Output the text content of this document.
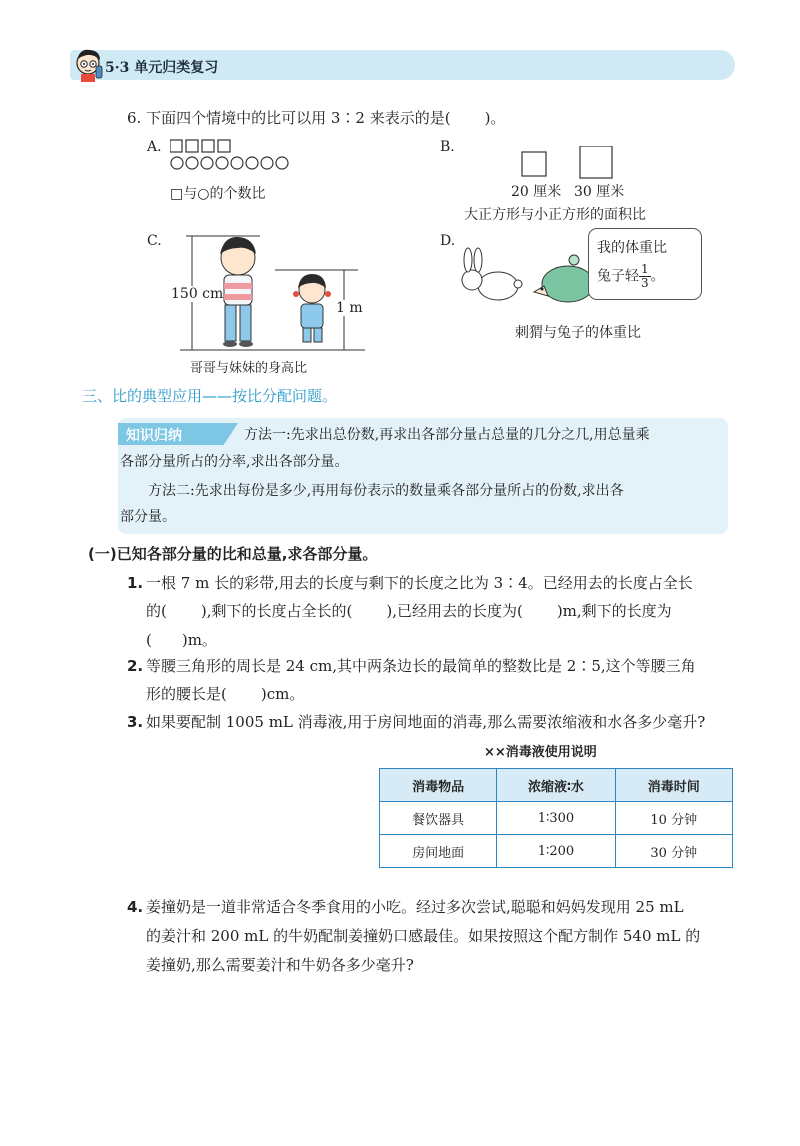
5·3 单元归类复习
6. 下面四个情境中的比可以用 3∶2 来表示的是( )。
A.
□与○的个数比
B.
20 厘米 30 厘米
大正方形与小正方形的面积比
C.
150 cm
1 m
哥哥与妹妹的身高比
D.	我的体重比
兔子轻 $\frac{1}{3}$ 。
刺猬与兔子的体重比
三、比的典型应用——按比分配问题。
知识归纳	方法一:先求出总份数,再求出各部分量占总量的几分之几,用总量乘
各部分量所占的分率,求出各部分量。
方法二:先求出每份是多少,再用每份表示的数量乘各部分量所占的份数,求出各
部分量。
(一)已知各部分量的比和总量,求各部分量。
1. 一根 7 m 长的彩带,用去的长度与剩下的长度之比为 3∶4。已经用去的长度占全长
的( ),剩下的长度占全长的( ),已经用去的长度为( )m,剩下的长度为
( )m。
2. 等腰三角形的周长是 24 cm,其中两条边长的最简单的整数比是 2∶5,这个等腰三角
形的腰长是( )cm。
3. 如果要配制 1005 mL 消毒液,用于房间地面的消毒,那么需要浓缩液和水各多少毫升?
××消毒液使用说明
消毒物品	浓缩液∶水	消毒时间
餐饮器具	1∶300	10 分钟
房间地面	1∶200	30 分钟
4. 姜撞奶是一道非常适合冬季食用的小吃。经过多次尝试,聪聪和妈妈发现用 25 mL
的姜汁和 200 mL 的牛奶配制姜撞奶口感最佳。如果按照这个配方制作 540 mL 的
姜撞奶,那么需要姜汁和牛奶各多少毫升?
